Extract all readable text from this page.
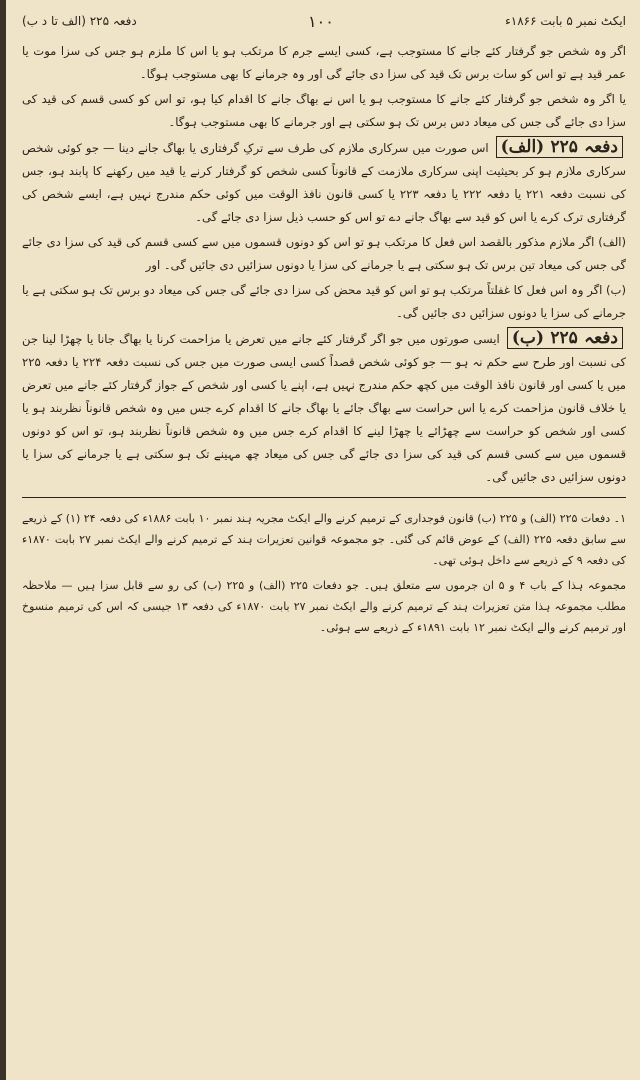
ایکٹ نمبر ۵ بابت ۱۸۶۶ء
۱۰۰
دفعہ ۲۲۵ (الف تا د ب)

اگر وہ شخص جو گرفتار کئے جانے کا مستوجب ہے، کسی ایسے جرم کا مرتکب ہو یا اس کا ملزم ہو جس کی سزا موت یا عمر قید ہے تو اس کو سات برس تک قید کی سزا دی جائے گی اور وہ جرمانے کا بھی مستوجب ہوگا۔

یا اگر وہ شخص جو گرفتار کئے جانے کا مستوجب ہو یا اس نے بھاگ جانے کا اقدام کیا ہو، تو اس کو کسی قسم کی قید کی سزا دی جائے گی جس کی میعاد دس برس تک ہو سکتی ہے اور جرمانے کا بھی مستوجب ہوگا۔

دفعہ ۲۲۵ (الف) اس صورت میں سرکاری ملازم کی طرف سے ترکِ گرفتاری یا بھاگ جانے دینا — جو کوئی شخص سرکاری ملازم ہو کر بحیثیت اپنی سرکاری ملازمت کے قانوناً کسی شخص کو گرفتار کرنے یا قید میں رکھنے کا پابند ہو، جس کی نسبت دفعہ ۲۲۱ یا دفعہ ۲۲۲ یا دفعہ ۲۲۳ یا کسی قانون نافذ الوقت میں کوئی حکم مندرج نہیں ہے، ایسے شخص کی گرفتاری ترک کرے یا اس کو قید سے بھاگ جانے دے تو اس کو حسب ذیل سزا دی جائے گی۔

(الف) اگر ملازم مذکور بالقصد اس فعل کا مرتکب ہو تو اس کو دونوں قسموں میں سے کسی قسم کی قید کی سزا دی جائے گی جس کی میعاد تین برس تک ہو سکتی ہے یا جرمانے کی سزا یا دونوں سزائیں دی جائیں گی۔ اور

(ب) اگر وہ اس فعل کا غفلتاً مرتکب ہو تو اس کو قید محض کی سزا دی جائے گی جس کی میعاد دو برس تک ہو سکتی ہے یا جرمانے کی سزا یا دونوں سزائیں دی جائیں گی۔

دفعہ ۲۲۵ (ب) ایسی صورتوں میں جو اگر گرفتار کئے جانے میں تعرض یا مزاحمت کرنا یا بھاگ جانا یا چھڑا لینا جن کی نسبت اور طرح سے حکم نہ ہو — جو کوئی شخص قصداً کسی ایسی صورت میں جس کی نسبت دفعہ ۲۲۴ یا دفعہ ۲۲۵ میں یا کسی اور قانون نافذ الوقت میں کچھ حکم مندرج نہیں ہے، اپنے یا کسی اور شخص کے جواز گرفتار کئے جانے میں تعرض یا خلاف قانون مزاحمت کرے یا اس حراست سے بھاگ جائے یا بھاگ جانے کا اقدام کرے جس میں وہ شخص قانوناً نظربند ہو یا کسی اور شخص کو حراست سے چھڑائے یا چھڑا لینے کا اقدام کرے جس میں وہ شخص قانوناً نظربند ہو، تو اس کو دونوں قسموں میں سے کسی قسم کی قید کی سزا دی جائے گی جس کی میعاد چھ مہینے تک ہو سکتی ہے یا جرمانے کی سزا یا دونوں سزائیں دی جائیں گی۔

۱۔ دفعات ۲۲۵ (الف) و ۲۲۵ (ب) قانون فوجداری کے ترمیم کرنے والے ایکٹ مجریہ ہند نمبر ۱۰ بابت ۱۸۸۶ء کی دفعہ ۲۴ (۱) کے ذریعے سے سابق دفعہ ۲۲۵ (الف) کے عوض قائم کی گئی۔ جو مجموعہ قوانین تعزیرات ہند کے ترمیم کرنے والے ایکٹ نمبر ۲۷ بابت ۱۸۷۰ء کی دفعہ ۹ کے ذریعے سے داخل ہوئی تھی۔

مجموعہ ہذا کے باب ۴ و ۵ ان جرموں سے متعلق ہیں۔ جو دفعات ۲۲۵ (الف) و ۲۲۵ (ب) کی رو سے قابل سزا ہیں — ملاحظہ مطلب مجموعہ ہذا متن تعزیرات ہند کے ترمیم کرنے والے ایکٹ نمبر ۲۷ بابت ۱۸۷۰ء کی دفعہ ۱۳ جیسی کہ اس کی ترمیم منسوخ اور ترمیم کرنے والے ایکٹ نمبر ۱۲ بابت ۱۸۹۱ء کے ذریعے سے ہوئی۔
